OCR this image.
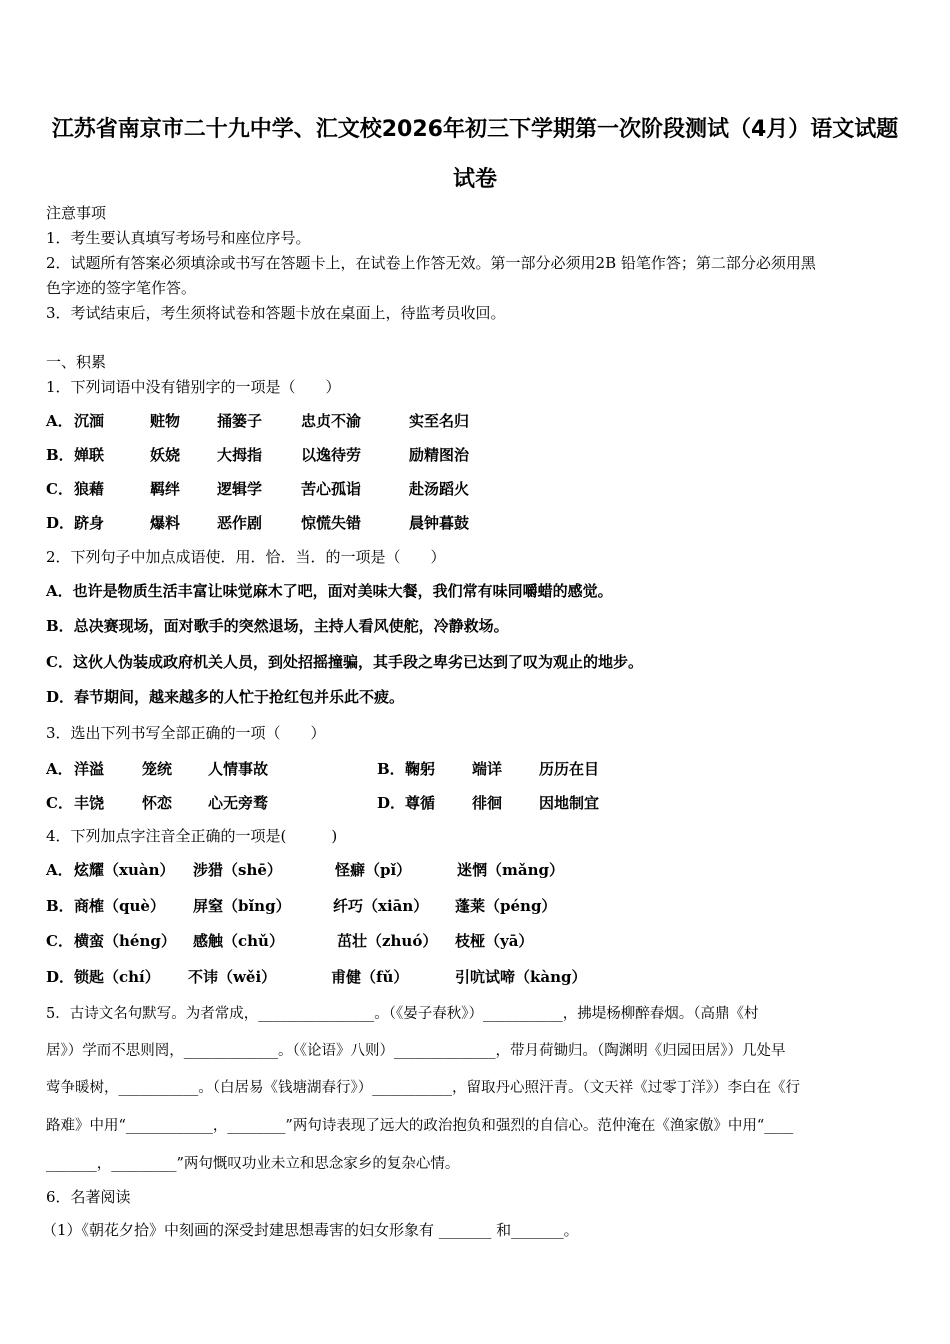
江苏省南京市二十九中学、汇文校2026年初三下学期第一次阶段测试（4月）语文试题
试卷
注意事项
1．考生要认真填写考场号和座位序号。
2．试题所有答案必须填涂或书写在答题卡上，在试卷上作答无效。第一部分必须用2B 铅笔作答；第二部分必须用黑
色字迹的签字笔作答。
3．考试结束后，考生须将试卷和答题卡放在桌面上，待监考员收回。
一、积累
1．下列词语中没有错别字的一项是（　　）
A． 沉湎	赃物 捅篓子	忠贞不渝	实至名归
B． 婵联	妖娆 大拇指	以逸待劳	励精图治
C． 狼藉	羁绊 逻辑学	苦心孤诣	赴汤蹈火
D． 跻身	爆料 恶作剧	惊慌失错	晨钟暮鼓
2．下列句子中加点成语使．用．恰．当．的一项是（　　）
A．也许是物质生活丰富让味觉麻木了吧，面对美味大餐，我们常有味同嚼蜡的感觉。
B．总决赛现场，面对歌手的突然退场，主持人看风使舵，冷静救场。
C．这伙人伪装成政府机关人员，到处招摇撞骗，其手段之卑劣已达到了叹为观止的地步。
D．春节期间，越来越多的人忙于抢红包并乐此不疲。
3．选出下列书写全部正确的一项（　　）
A． 洋溢	笼统 人情事故	B． 鞠躬 端详 历历在目
C． 丰饶	怀恋 心无旁骛	D． 尊循 徘徊 因地制宜
4．下列加点字注音全正确的一项是(　　　)
A． 炫耀（xuàn） 涉猎（shē）	怪癖（pǐ）	迷惘（mǎng）
B． 商榷（què） 屏窒（bǐng）	纤巧（xiān） 蓬莱（péng）
C． 横蛮（héng） 感触（chǔ）	茁壮（zhuó） 枝桠（yā）
D． 锁匙（chí） 不讳（wěi）	甫健（fǔ）	引吭试啼（kàng）
5．古诗文名句默写。为者常成，________________。（《晏子春秋》）___________，拂堤杨柳醉春烟。（高鼎《村
居》）学而不思则罔，_____________。（《论语》八则）______________，带月荷锄归。（陶渊明《归园田居》）几处早
莺争暖树，___________。（白居易《钱塘湖春行》）___________，留取丹心照汗青。（文天祥《过零丁洋》）李白在《行
路难》中用“____________，________”两句诗表现了远大的政治抱负和强烈的自信心。范仲淹在《渔家傲》中用“____
_______，_________”两句慨叹功业未立和思念家乡的复杂心情。
6．名著阅读
（1）《朝花夕拾》中刻画的深受封建思想毒害的妇女形象有 _______ 和_______。
